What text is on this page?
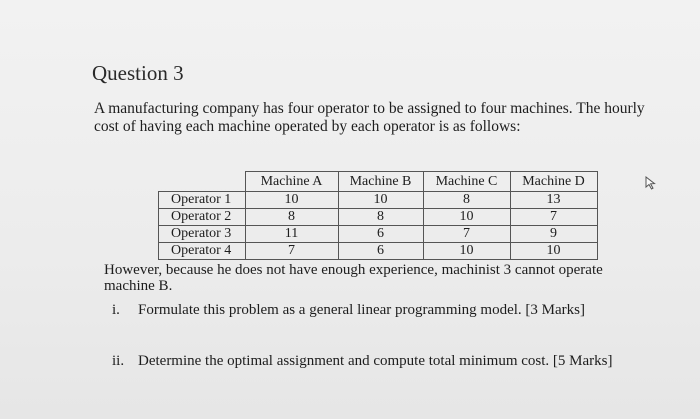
Question 3
A manufacturing company has four operator to be assigned to four machines. The hourly cost of having each machine operated by each operator is as follows:
	Machine A	Machine B	Machine C	Machine D
Operator 1	10	10	8	13
Operator 2	8	8	10	7
Operator 3	11	6	7	9
Operator 4	7	6	10	10
However, because he does not have enough experience, machinist 3 cannot operate machine B.
i. Formulate this problem as a general linear programming model. [3 Marks]
ii. Determine the optimal assignment and compute total minimum cost. [5 Marks]
